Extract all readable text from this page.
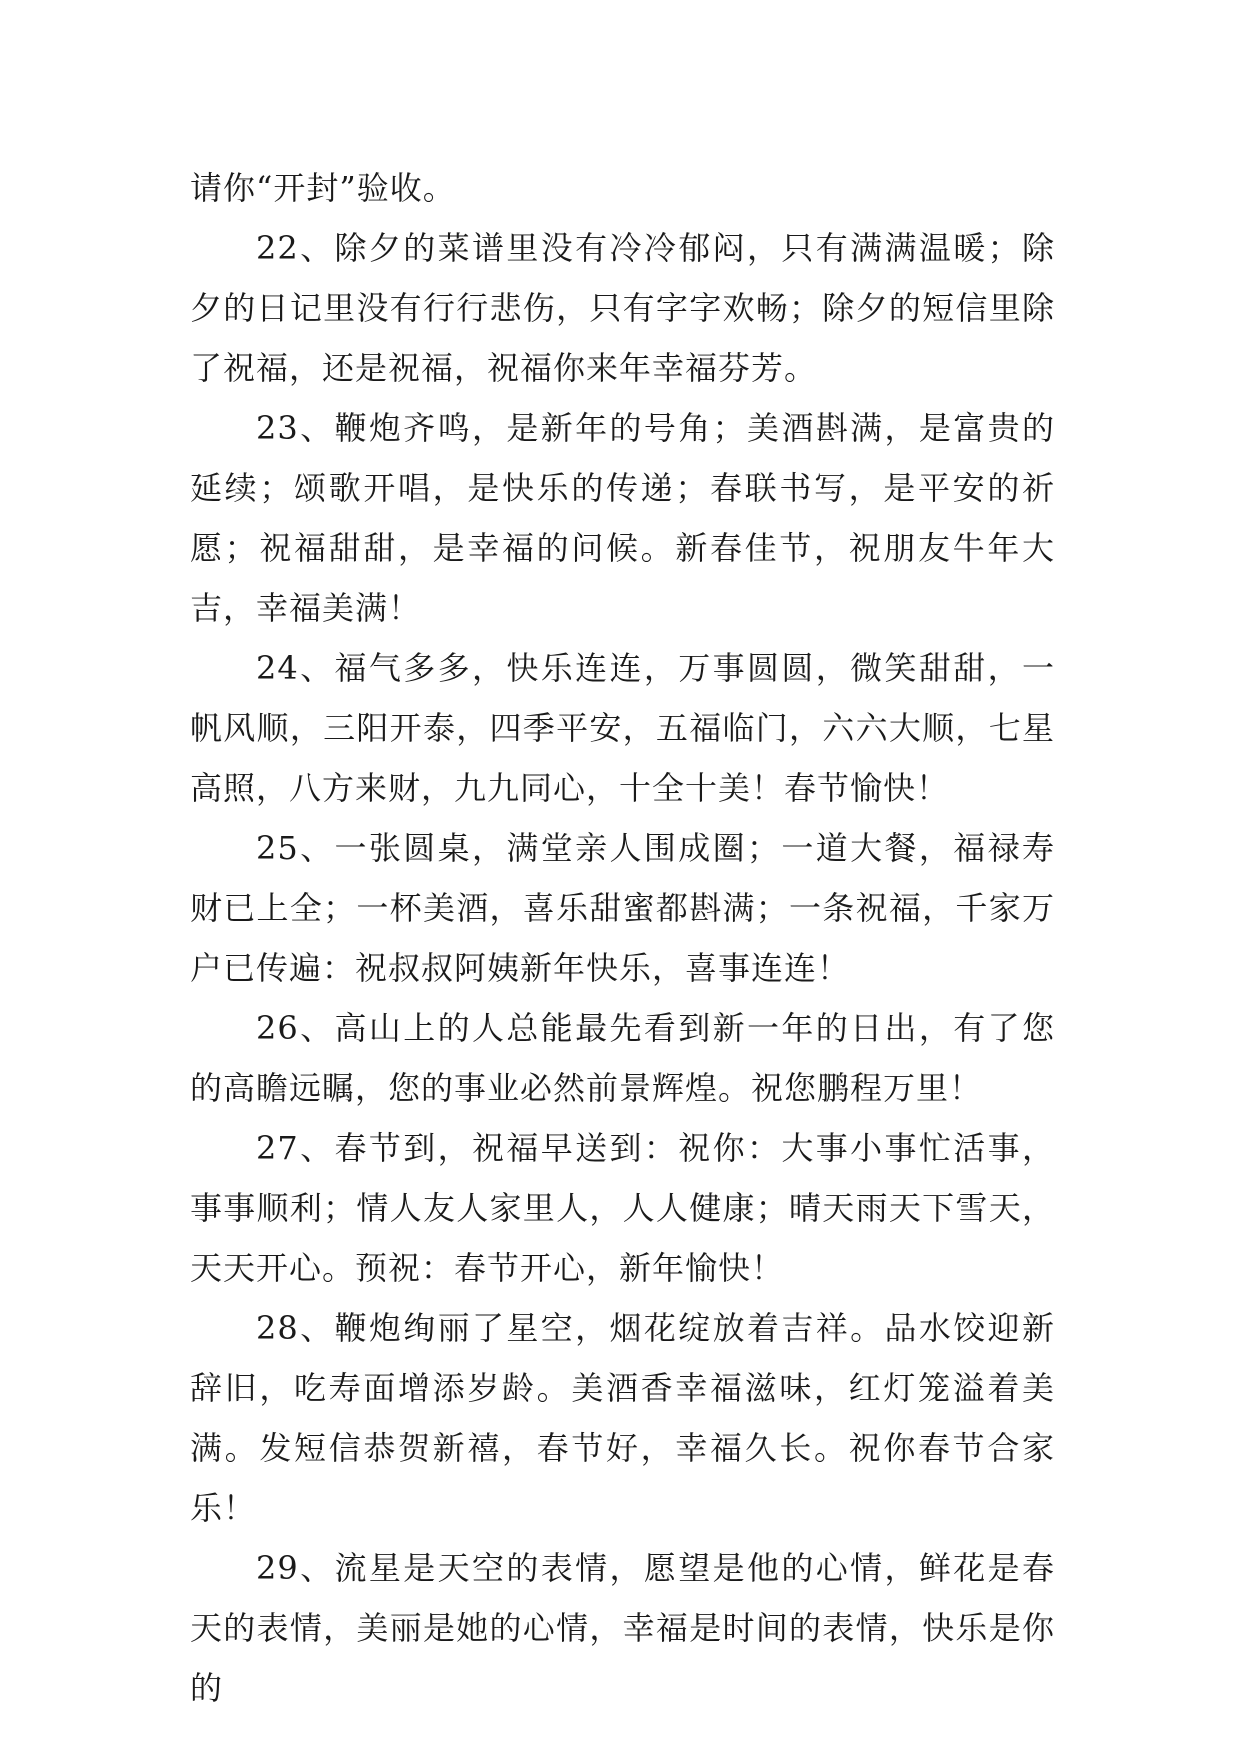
请你“开封”验收。

22、除夕的菜谱里没有冷冷郁闷，只有满满温暖；除夕的日记里没有行行悲伤，只有字字欢畅；除夕的短信里除了祝福，还是祝福，祝福你来年幸福芬芳。

23、鞭炮齐鸣，是新年的号角；美酒斟满，是富贵的延续；颂歌开唱，是快乐的传递；春联书写，是平安的祈愿；祝福甜甜，是幸福的问候。新春佳节，祝朋友牛年大吉，幸福美满！

24、福气多多，快乐连连，万事圆圆，微笑甜甜，一帆风顺，三阳开泰，四季平安，五福临门，六六大顺，七星高照，八方来财，九九同心，十全十美！春节愉快！

25、一张圆桌，满堂亲人围成圈；一道大餐，福禄寿财已上全；一杯美酒，喜乐甜蜜都斟满；一条祝福，千家万户已传遍：祝叔叔阿姨新年快乐，喜事连连！

26、高山上的人总能最先看到新一年的日出，有了您的高瞻远瞩，您的事业必然前景辉煌。祝您鹏程万里！

27、春节到，祝福早送到：祝你：大事小事忙活事，事事顺利；情人友人家里人，人人健康；晴天雨天下雪天，天天开心。预祝：春节开心，新年愉快！

28、鞭炮绚丽了星空，烟花绽放着吉祥。品水饺迎新辞旧，吃寿面增添岁龄。美酒香幸福滋味，红灯笼溢着美满。发短信恭贺新禧，春节好，幸福久长。祝你春节合家乐！

29、流星是天空的表情，愿望是他的心情，鲜花是春天的表情，美丽是她的心情，幸福是时间的表情，快乐是你的
